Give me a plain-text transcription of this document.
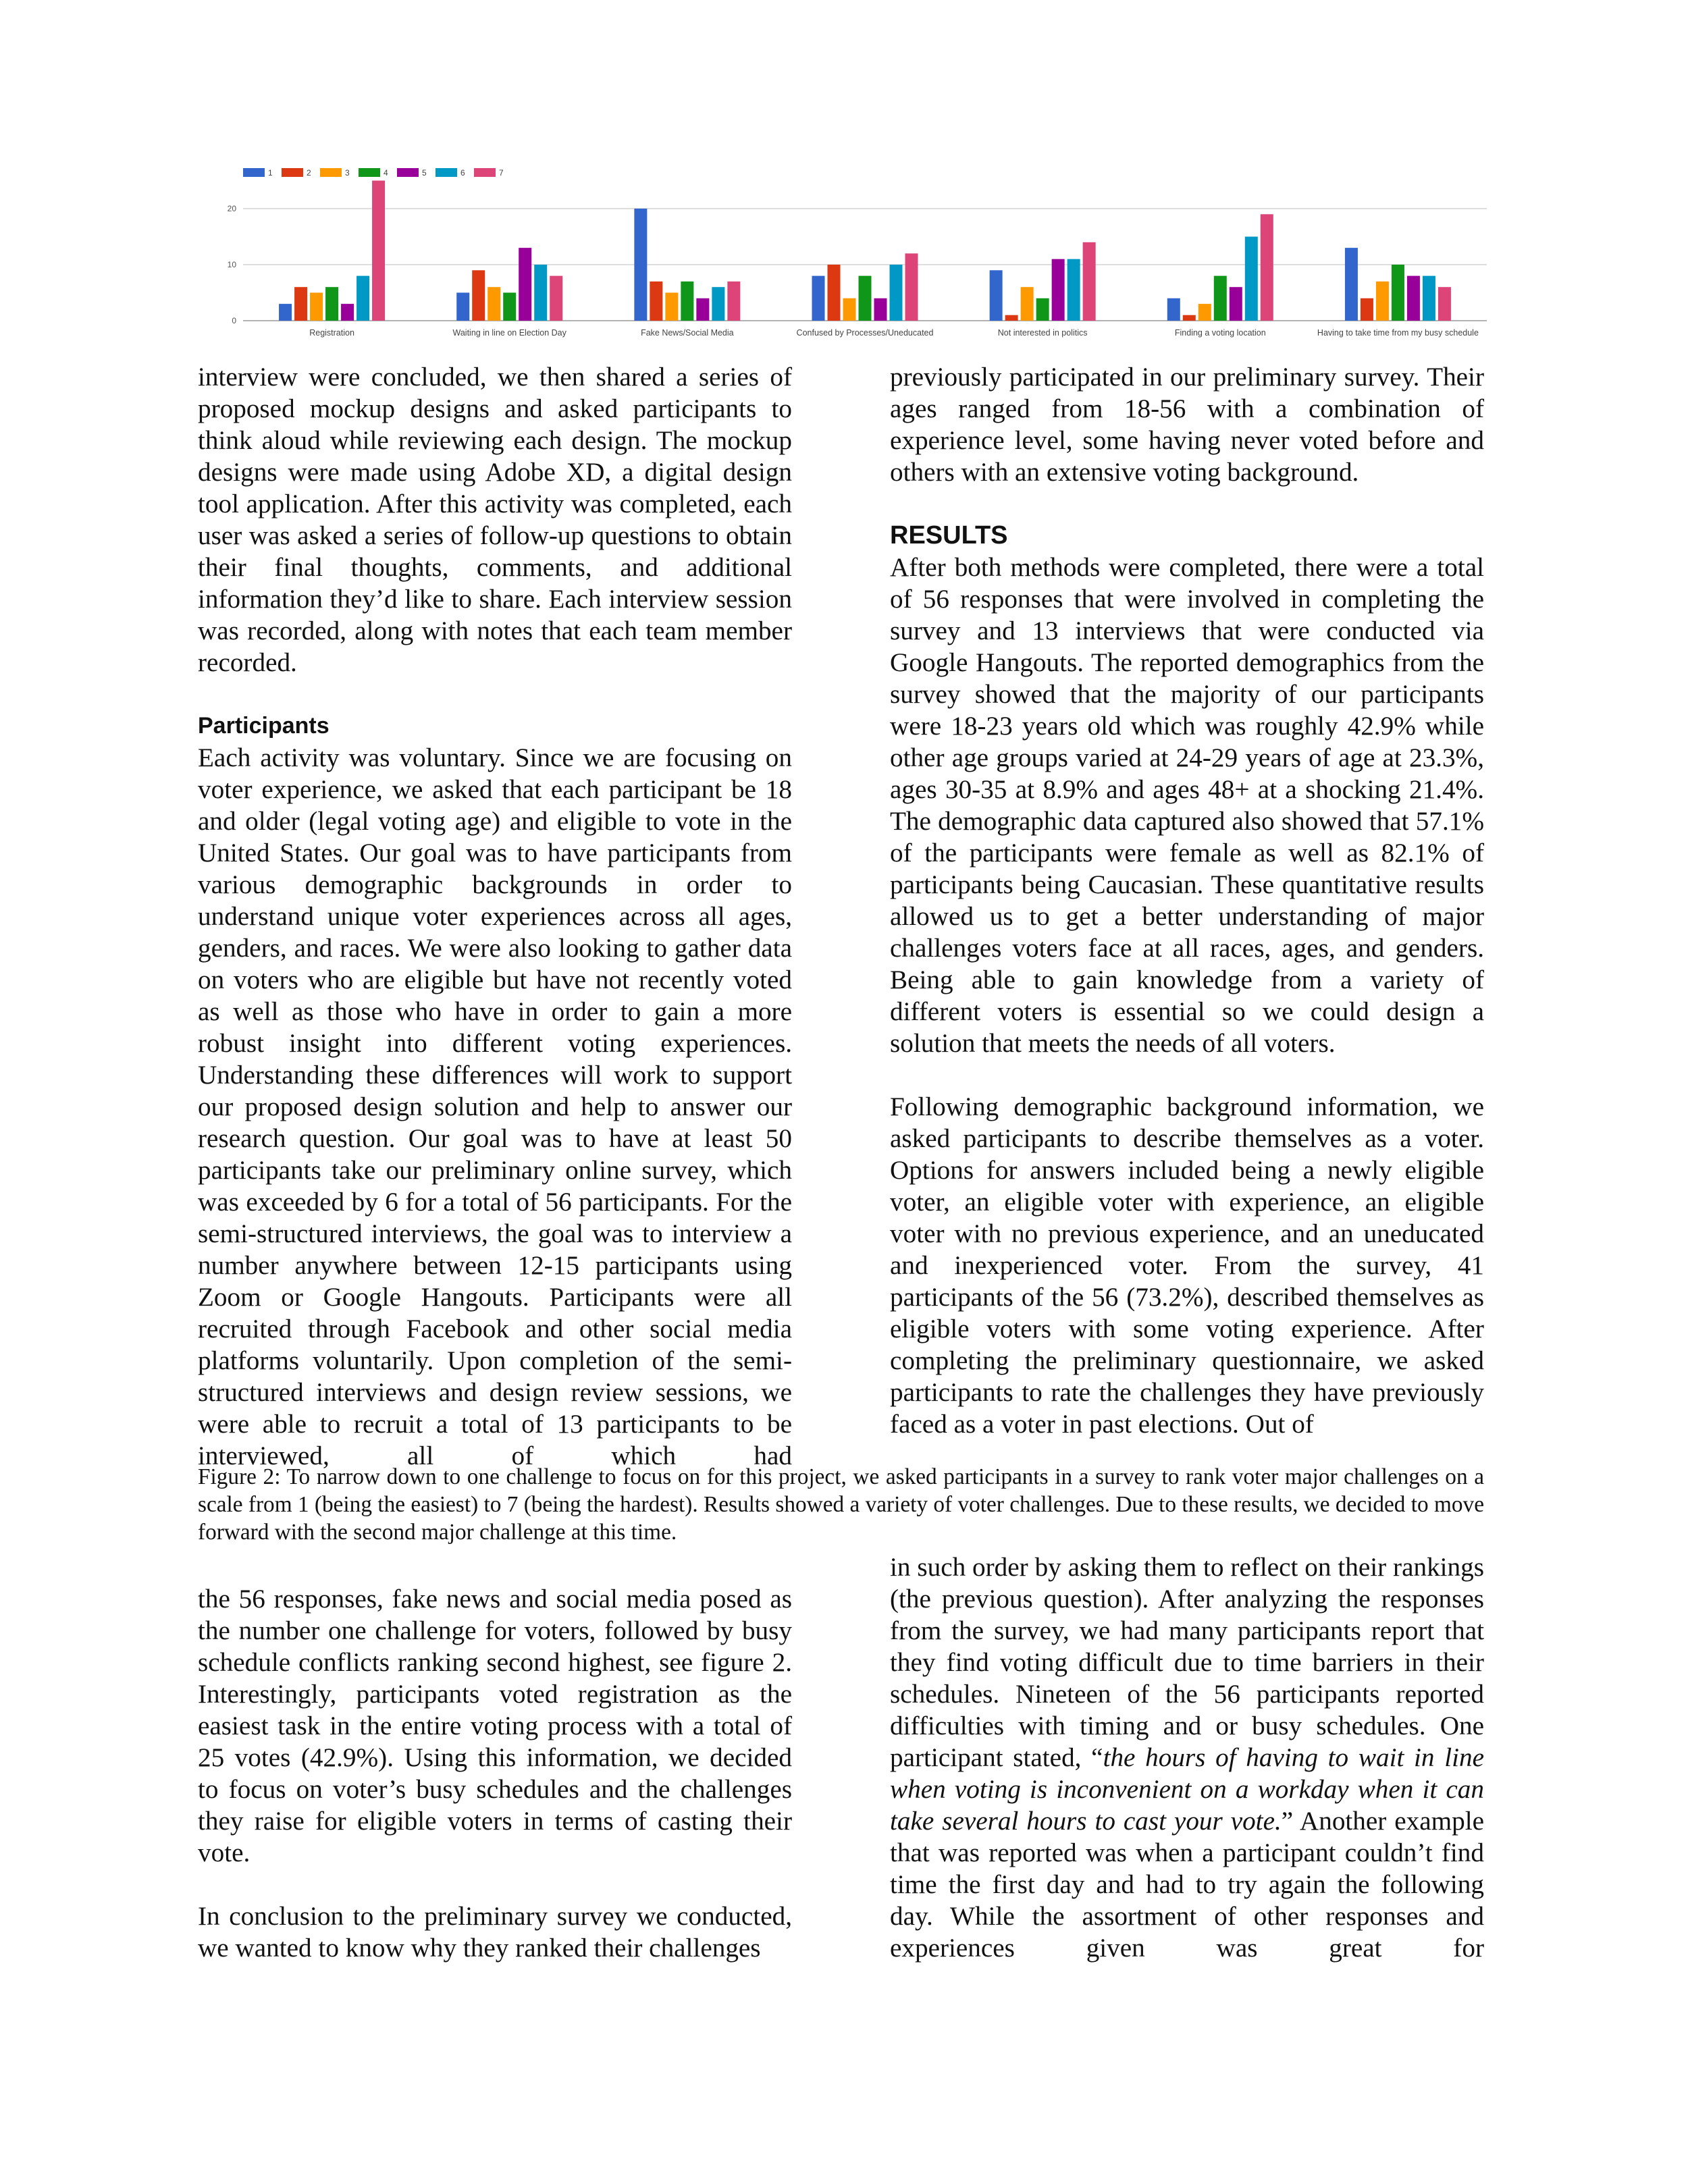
0
10
20
1	2	3	4	5	6	7
Registration	Waiting in line on Election Day	Fake News/Social Media	Confused by Processes/Uneducated	Not interested in politics	Finding a voting location	Having to take time from my busy schedule

interview were concluded, we then shared a series of proposed mockup designs and asked participants to think aloud while reviewing each design. The mockup designs were made using Adobe XD, a digital design tool application. After this activity was completed, each user was asked a series of follow-up questions to obtain their final thoughts, comments, and additional information they’d like to share. Each interview session was recorded, along with notes that each team member recorded.

Participants

Each activity was voluntary. Since we are focusing on voter experience, we asked that each participant be 18 and older (legal voting age) and eligible to vote in the United States. Our goal was to have participants from various demographic backgrounds in order to understand unique voter experiences across all ages, genders, and races. We were also looking to gather data on voters who are eligible but have not recently voted as well as those who have in order to gain a more robust insight into different voting experiences. Understanding these differences will work to support our proposed design solution and help to answer our research question. Our goal was to have at least 50 participants take our preliminary online survey, which was exceeded by 6 for a total of 56 participants. For the semi-structured interviews, the goal was to interview a number anywhere between 12-15 participants using Zoom or Google Hangouts. Participants were all recruited through Facebook and other social media platforms voluntarily. Upon completion of the semi-structured interviews and design review sessions, we were able to recruit a total of 13 participants to be interviewed, all of which had

previously participated in our preliminary survey. Their ages ranged from 18-56 with a combination of experience level, some having never voted before and others with an extensive voting background.

RESULTS

After both methods were completed, there were a total of 56 responses that were involved in completing the survey and 13 interviews that were conducted via Google Hangouts. The reported demographics from the survey showed that the majority of our participants were 18-23 years old which was roughly 42.9% while other age groups varied at 24-29 years of age at 23.3%, ages 30-35 at 8.9% and ages 48+ at a shocking 21.4%. The demographic data captured also showed that 57.1% of the participants were female as well as 82.1% of participants being Caucasian. These quantitative results allowed us to get a better understanding of major challenges voters face at all races, ages, and genders. Being able to gain knowledge from a variety of different voters is essential so we could design a solution that meets the needs of all voters.

Following demographic background information, we asked participants to describe themselves as a voter. Options for answers included being a newly eligible voter, an eligible voter with experience, an eligible voter with no previous experience, and an uneducated and inexperienced voter. From the survey, 41 participants of the 56 (73.2%), described themselves as eligible voters with some voting experience. After completing the preliminary questionnaire, we asked participants to rate the challenges they have previously faced as a voter in past elections. Out of

Figure 2: To narrow down to one challenge to focus on for this project, we asked participants in a survey to rank voter major challenges on a scale from 1 (being the easiest) to 7 (being the hardest). Results showed a variety of voter challenges. Due to these results, we decided to move forward with the second major challenge at this time.

the 56 responses, fake news and social media posed as the number one challenge for voters, followed by busy schedule conflicts ranking second highest, see figure 2. Interestingly, participants voted registration as the easiest task in the entire voting process with a total of 25 votes (42.9%). Using this information, we decided to focus on voter’s busy schedules and the challenges they raise for eligible voters in terms of casting their vote.

In conclusion to the preliminary survey we conducted, we wanted to know why they ranked their challenges

in such order by asking them to reflect on their rankings (the previous question). After analyzing the responses from the survey, we had many participants report that they find voting difficult due to time barriers in their schedules. Nineteen of the 56 participants reported difficulties with timing and or busy schedules. One participant stated, “the hours of having to wait in line when voting is inconvenient on a workday when it can take several hours to cast your vote.” Another example that was reported was when a participant couldn’t find time the first day and had to try again the following day. While the assortment of other responses and experiences given was great for
